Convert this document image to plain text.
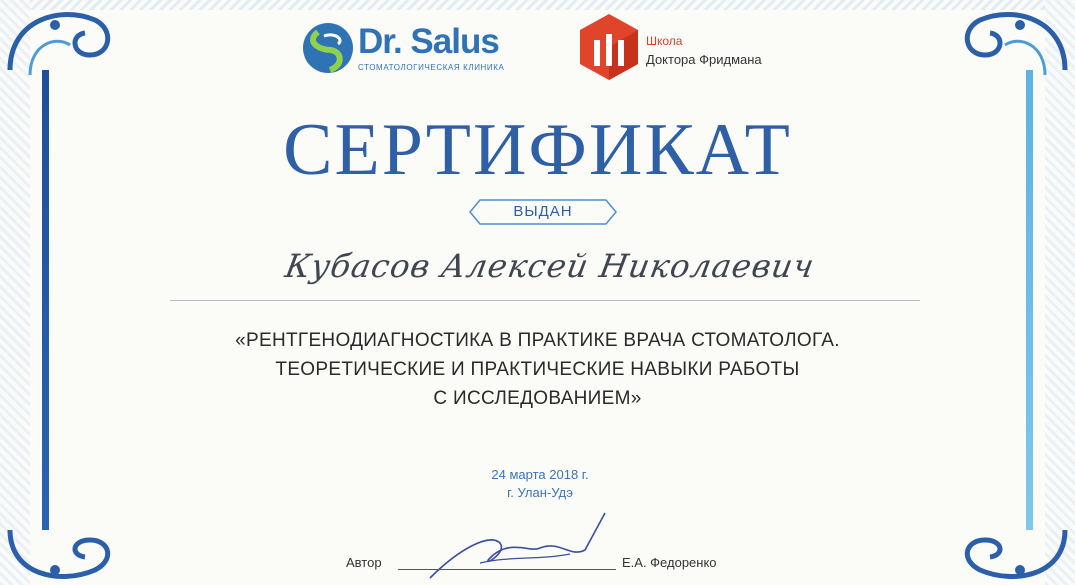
Dr. Salus
СТОМАТОЛОГИЧЕСКАЯ КЛИНИКА
Школа
Доктора Фридмана
СЕРТИФИКАТ
ВЫДАН
Кубасов Алексей Николаевич
«РЕНТГЕНОДИАГНОСТИКА В ПРАКТИКЕ ВРАЧА СТОМАТОЛОГА.
ТЕОРЕТИЧЕСКИЕ И ПРАКТИЧЕСКИЕ НАВЫКИ РАБОТЫ
С ИССЛЕДОВАНИЕМ»
24 марта 2018 г.
г. Улан-Удэ
Автор	Е.А. Федоренко
